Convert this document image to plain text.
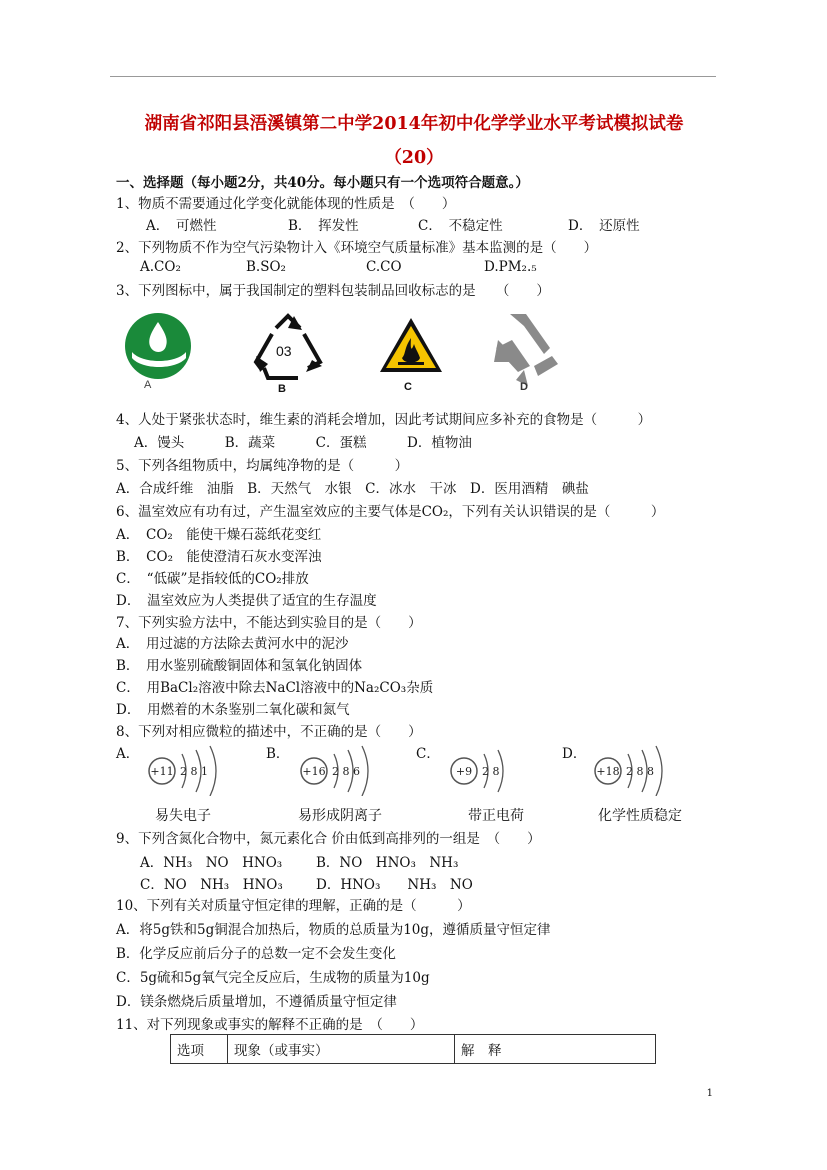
湖南省祁阳县浯溪镇第二中学2014年初中化学学业水平考试模拟试卷
（20）
一、选择题（每小题2分，共40分。每小题只有一个选项符合题意。）
1、物质不需要通过化学变化就能体现的性质是　（　　）
A．　可燃性	B．　挥发性	C．　不稳定性	D．　还原性
2、下列物质不作为空气污染物计入《环境空气质量标准》基本监测的是（　　）
A.CO₂	B.SO₂	C.CO	D.PM₂.₅
3、下列图标中，属于我国制定的塑料包装制品回收标志的是　　（　　）
A
03
B	C	D
4、人处于紧张状态时，维生素的消耗会增加，因此考试期间应多补充的食物是（　　　）
A．馒头　　　B．蔬菜　　　C．蛋糕　　　D．植物油
5、下列各组物质中，均属纯净物的是（　　　）
A．合成纤维　油脂　B．天然气　水银　C．冰水　干冰　D．医用酒精　碘盐
6、温室效应有功有过，产生温室效应的主要气体是CO₂，下列有关认识错误的是（　　　）
A．　CO₂　能使干燥石蕊纸花变红
B．　CO₂　能使澄清石灰水变浑浊
C．　“低碳”是指较低的CO₂排放
D．　温室效应为人类提供了适宜的生存温度
7、下列实验方法中，不能达到实验目的是（　　）
A．　用过滤的方法除去黄河水中的泥沙
B．　用水鉴别硫酸铜固体和氢氧化钠固体
C．　用BaCl₂溶液中除去NaCl溶液中的Na₂CO₃杂质
D．　用燃着的木条鉴别二氧化碳和氮气
8、下列对相应微粒的描述中，不正确的是（　　）
A．	B．	C．	D．
+11 2 8 1	+16 2 8 6	+9 2 8	+18 2 8 8
易失电子	易形成阴离子	带正电荷	化学性质稳定
9、下列含氮化合物中，氮元素化合 价由低到高排列的一组是　（　　）
A．NH₃　NO　HNO₃	B．NO　HNO₃　NH₃
C．NO　NH₃　HNO₃ D．HNO₃　　NH₃　NO
10、下列有关对质量守恒定律的理解，正确的是（　　　）
A．将5g铁和5g铜混合加热后，物质的总质量为10g，遵循质量守恒定律
B．化学反应前后分子的总数一定不会发生变化
C．5g硫和5g氧气完全反应后，生成物的质量为10g
D．镁条燃烧后质量增加，不遵循质量守恒定律
11、对下列现象或事实的解释不正确的是　（　　）
选项	现象（或事实）	解　释
1
